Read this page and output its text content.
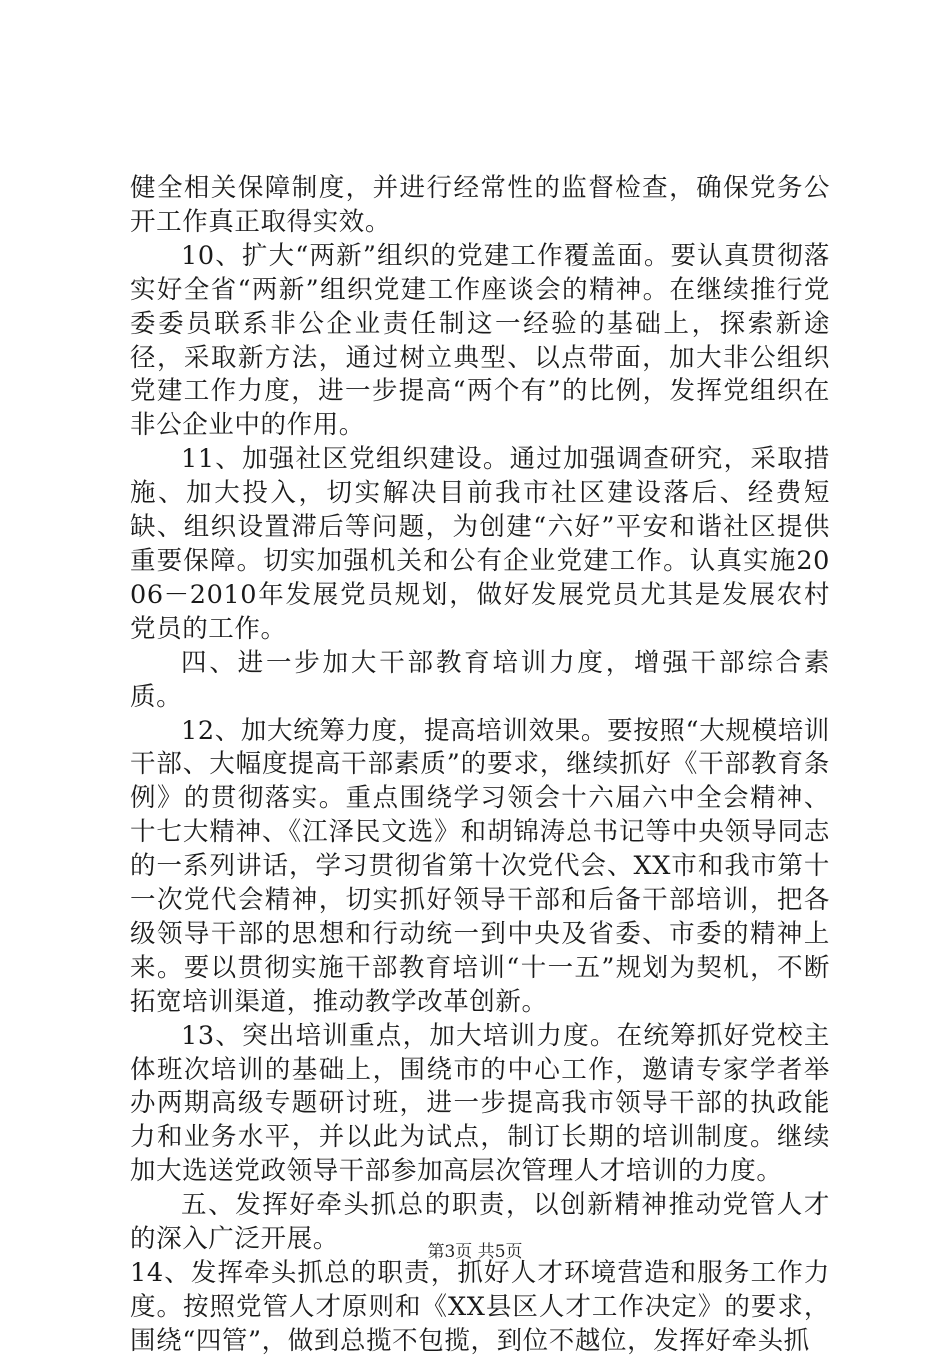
健全相关保障制度，并进行经常性的监督检查，确保党务公开工作真正取得实效。

10、扩大“两新”组织的党建工作覆盖面。要认真贯彻落实好全省“两新”组织党建工作座谈会的精神。在继续推行党委委员联系非公企业责任制这一经验的基础上，探索新途径，采取新方法，通过树立典型、以点带面，加大非公组织党建工作力度，进一步提高“两个有”的比例，发挥党组织在非公企业中的作用。

11、加强社区党组织建设。通过加强调查研究，采取措施、加大投入，切实解决目前我市社区建设落后、经费短缺、组织设置滞后等问题，为创建“六好”平安和谐社区提供重要保障。切实加强机关和公有企业党建工作。认真实施2006－2010年发展党员规划，做好发展党员尤其是发展农村党员的工作。

四、进一步加大干部教育培训力度，增强干部综合素质。

12、加大统筹力度，提高培训效果。要按照“大规模培训干部、大幅度提高干部素质”的要求，继续抓好《干部教育条例》的贯彻落实。重点围绕学习领会十六届六中全会精神、十七大精神、《江泽民文选》和胡锦涛总书记等中央领导同志的一系列讲话，学习贯彻省第十次党代会、XX市和我市第十一次党代会精神，切实抓好领导干部和后备干部培训，把各级领导干部的思想和行动统一到中央及省委、市委的精神上来。要以贯彻实施干部教育培训“十一五”规划为契机，不断拓宽培训渠道，推动教学改革创新。

13、突出培训重点，加大培训力度。在统筹抓好党校主体班次培训的基础上，围绕市的中心工作，邀请专家学者举办两期高级专题研讨班，进一步提高我市领导干部的执政能力和业务水平，并以此为试点，制订长期的培训制度。继续加大选送党政领导干部参加高层次管理人才培训的力度。

五、发挥好牵头抓总的职责，以创新精神推动党管人才的深入广泛开展。

14、发挥牵头抓总的职责，抓好人才环境营造和服务工作力度。按照党管人才原则和《XX县区人才工作决定》的要求，围绕“四管”，做到总揽不包揽，到位不越位，发挥好牵头抓

第3页 共5页
